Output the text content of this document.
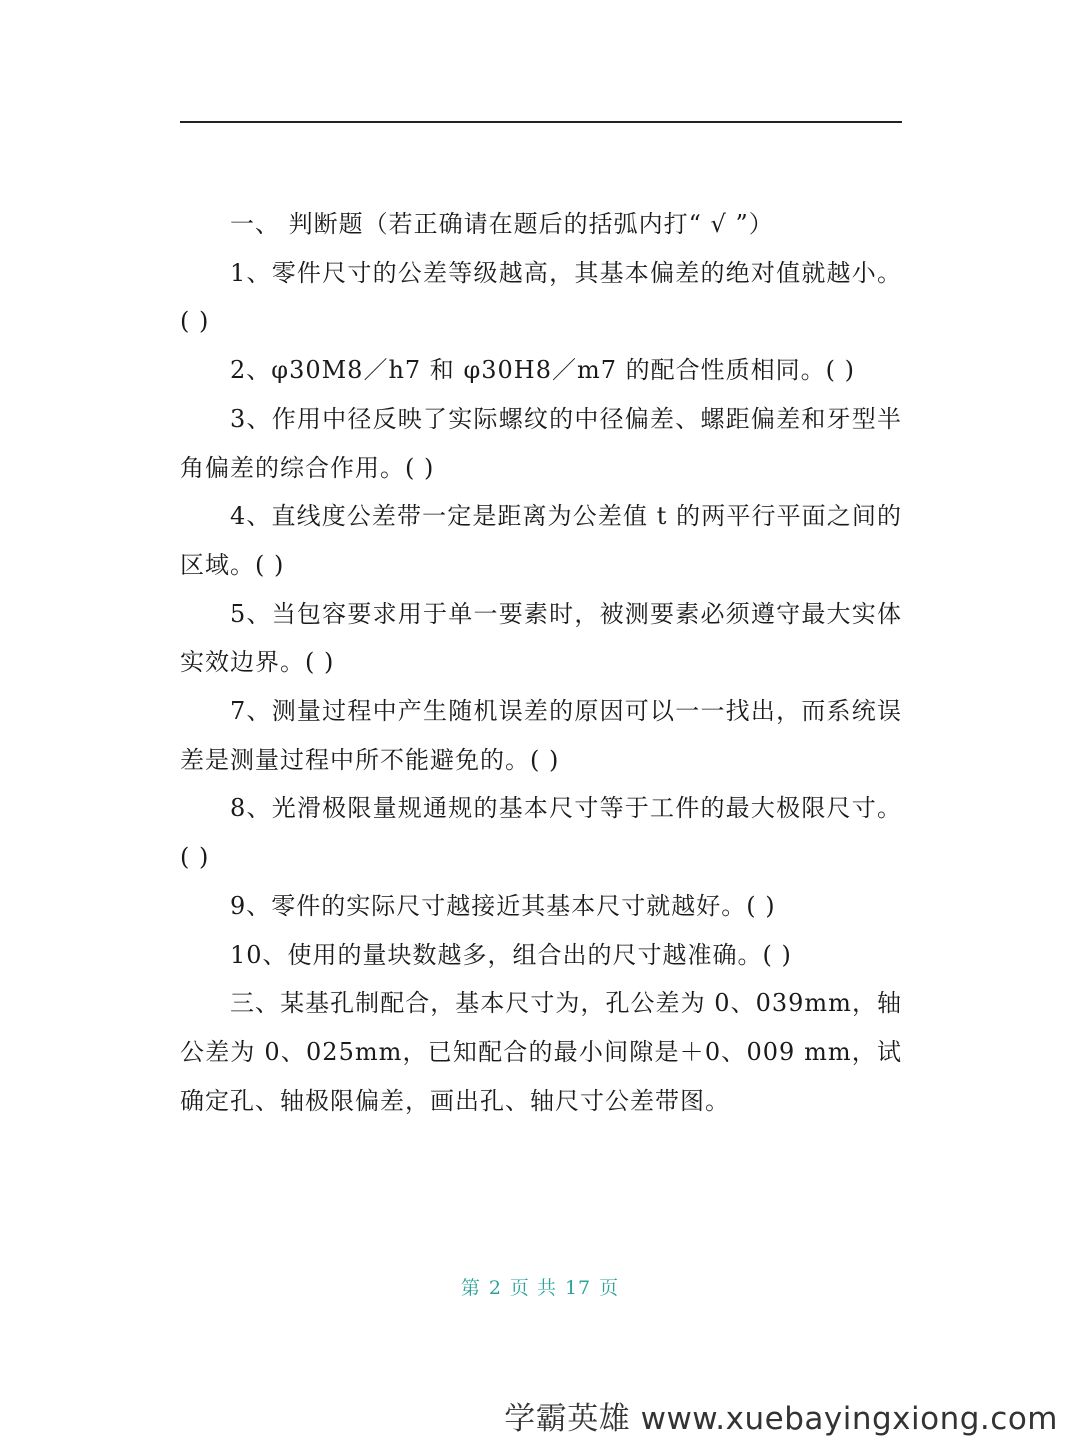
一、 判断题（若正确请在题后的括弧内打“ √ ”）

1、零件尺寸的公差等级越高，其基本偏差的绝对值就越小。( )

2、φ30M8／h7 和 φ30H8／m7 的配合性质相同。( )

3、作用中径反映了实际螺纹的中径偏差、螺距偏差和牙型半角偏差的综合作用。( )

4、直线度公差带一定是距离为公差值 t 的两平行平面之间的区域。( )

5、当包容要求用于单一要素时，被测要素必须遵守最大实体实效边界。( )

7、测量过程中产生随机误差的原因可以一一找出，而系统误差是测量过程中所不能避免的。( )

8、光滑极限量规通规的基本尺寸等于工件的最大极限尺寸。( )

9、零件的实际尺寸越接近其基本尺寸就越好。( )

10、使用的量块数越多，组合出的尺寸越准确。( )

三、某基孔制配合，基本尺寸为，孔公差为 0、039mm，轴公差为 0、025mm，已知配合的最小间隙是＋0、009 mm，试确定孔、轴极限偏差，画出孔、轴尺寸公差带图。

第 2 页 共 17 页
学霸英雄 www.xuebayingxiong.com
